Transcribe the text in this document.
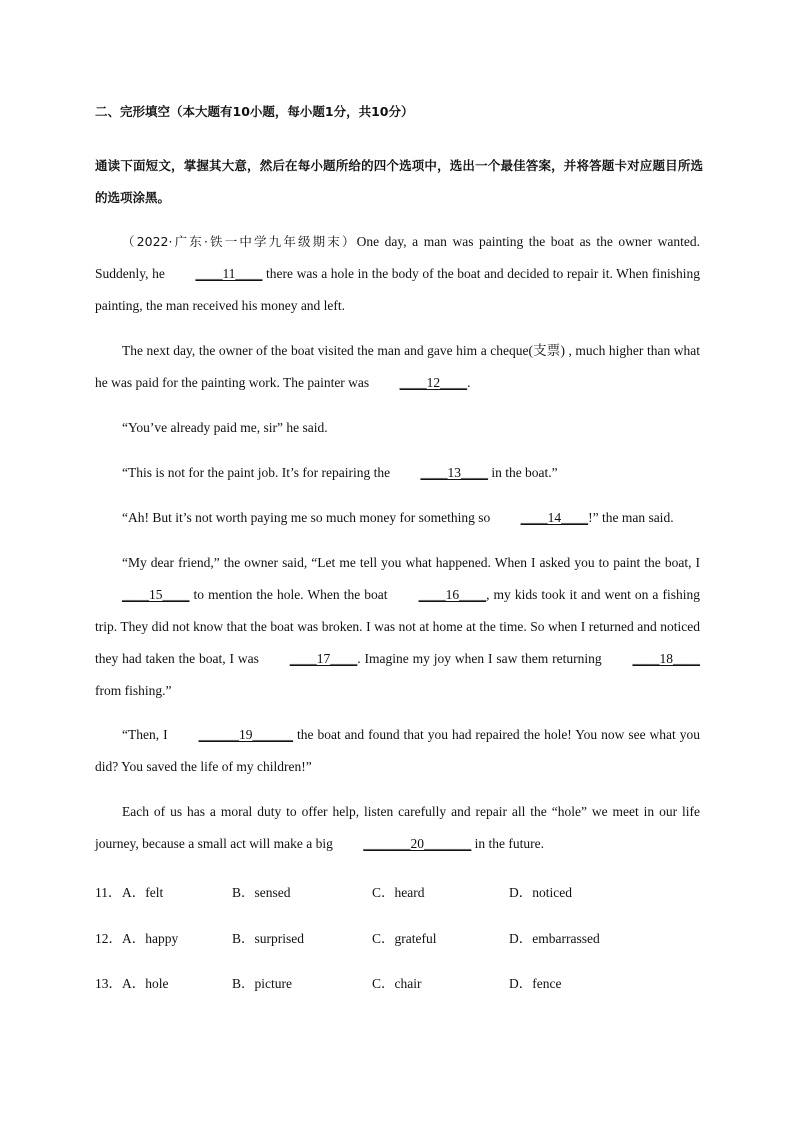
二、完形填空（本大题有10小题，每小题1分，共10分）
通读下面短文，掌握其大意，然后在每小题所给的四个选项中，选出一个最佳答案，并将答题卡对应题目所选的选项涂黑。
（2022·广东·铁一中学九年级期末）One day, a man was painting the boat as the owner wanted. Suddenly, he ____11____ there was a hole in the body of the boat and decided to repair it. When finishing painting, the man received his money and left.
The next day, the owner of the boat visited the man and gave him a cheque(支票) , much higher than what he was paid for the painting work. The painter was ____12____.
“You’ve already paid me, sir” he said.
“This is not for the paint job. It’s for repairing the ____13____ in the boat.”
“Ah! But it’s not worth paying me so much money for something so ____14____!” the man said.
“My dear friend,” the owner said, “Let me tell you what happened. When I asked you to paint the boat, I ____15____ to mention the hole. When the boat ____16____, my kids took it and went on a fishing trip. They did not know that the boat was broken. I was not at home at the time. So when I returned and noticed they had taken the boat, I was ____17____. Imagine my joy when I saw them returning ____18____ from fishing.”
“Then, I ______19______ the boat and found that you had repaired the hole! You now see what you did? You saved the life of my children!”
Each of us has a moral duty to offer help, listen carefully and repair all the “hole” we meet in our life journey, because a small act will make a big _______20_______ in the future.
11． A．felt	B．sensed	C．heard	D．noticed
12． A．happy	B．surprised	C．grateful	D．embarrassed
13． A．hole	B．picture	C．chair	D．fence
